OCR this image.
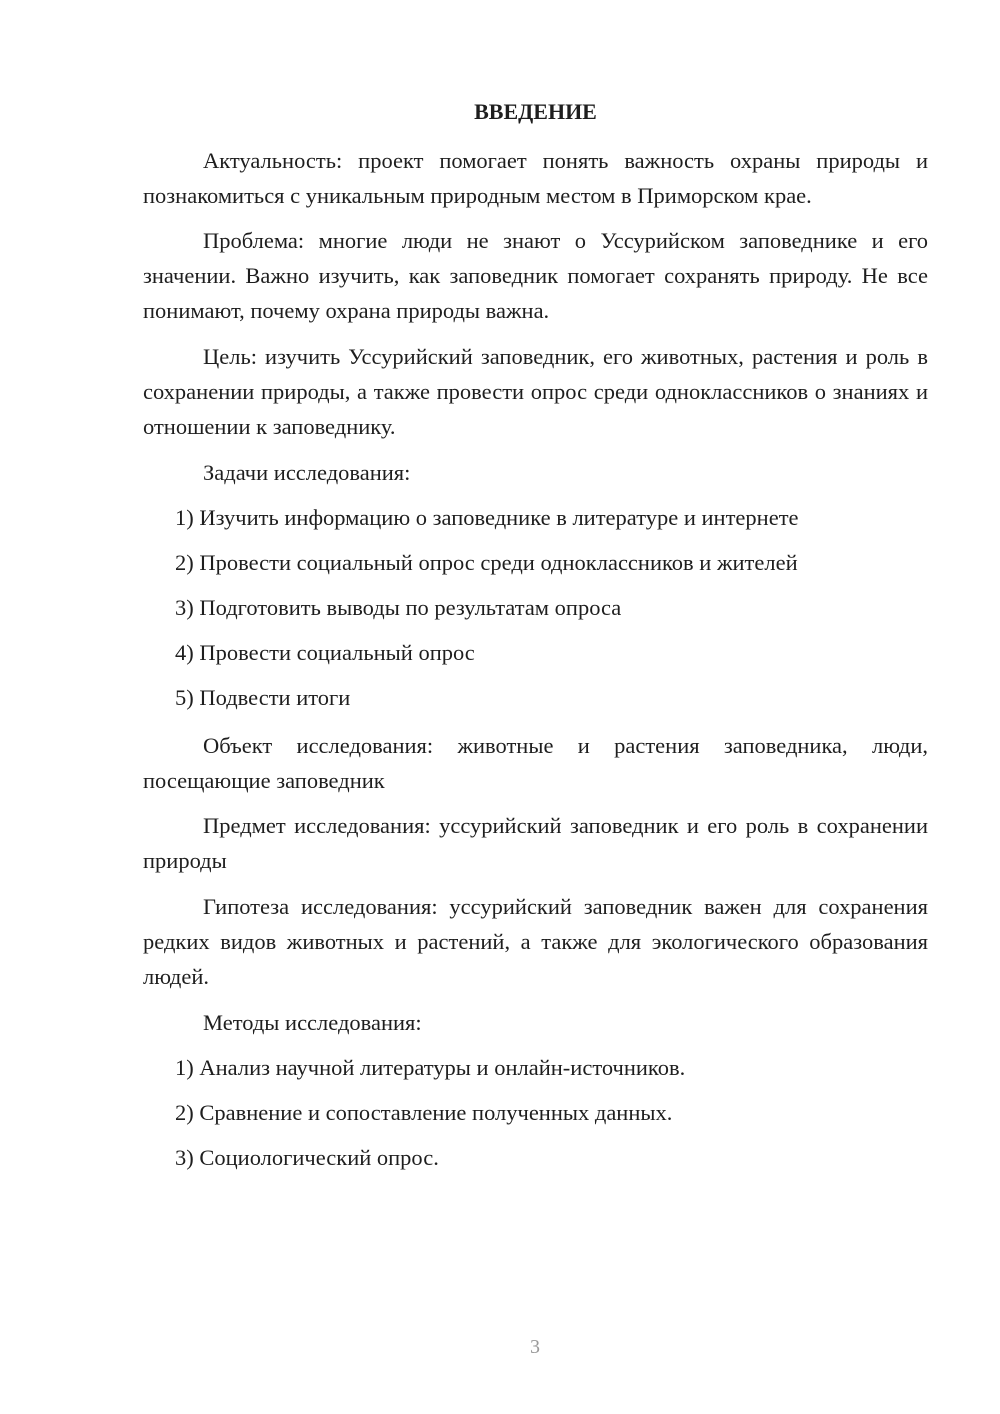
ВВЕДЕНИЕ

Актуальность: проект помогает понять важность охраны природы и познакомиться с уникальным природным местом в Приморском крае.

Проблема: многие люди не знают о Уссурийском заповеднике и его значении. Важно изучить, как заповедник помогает сохранять природу. Не все понимают, почему охрана природы важна.

Цель: изучить Уссурийский заповедник, его животных, растения и роль в сохранении природы, а также провести опрос среди одноклассников о знаниях и отношении к заповеднику.

Задачи исследования:

1) Изучить информацию о заповеднике в литературе и интернете

2) Провести социальный опрос среди одноклассников и жителей

3) Подготовить выводы по результатам опроса

4) Провести социальный опрос

5) Подвести итоги

Объект исследования: животные и растения заповедника, люди, посещающие заповедник

Предмет исследования: уссурийский заповедник и его роль в сохранении природы

Гипотеза исследования: уссурийский заповедник важен для сохранения редких видов животных и растений, а также для экологического образования людей.

Методы исследования:

1) Анализ научной литературы и онлайн-источников.

2) Сравнение и сопоставление полученных данных.

3) Социологический опрос.

3
